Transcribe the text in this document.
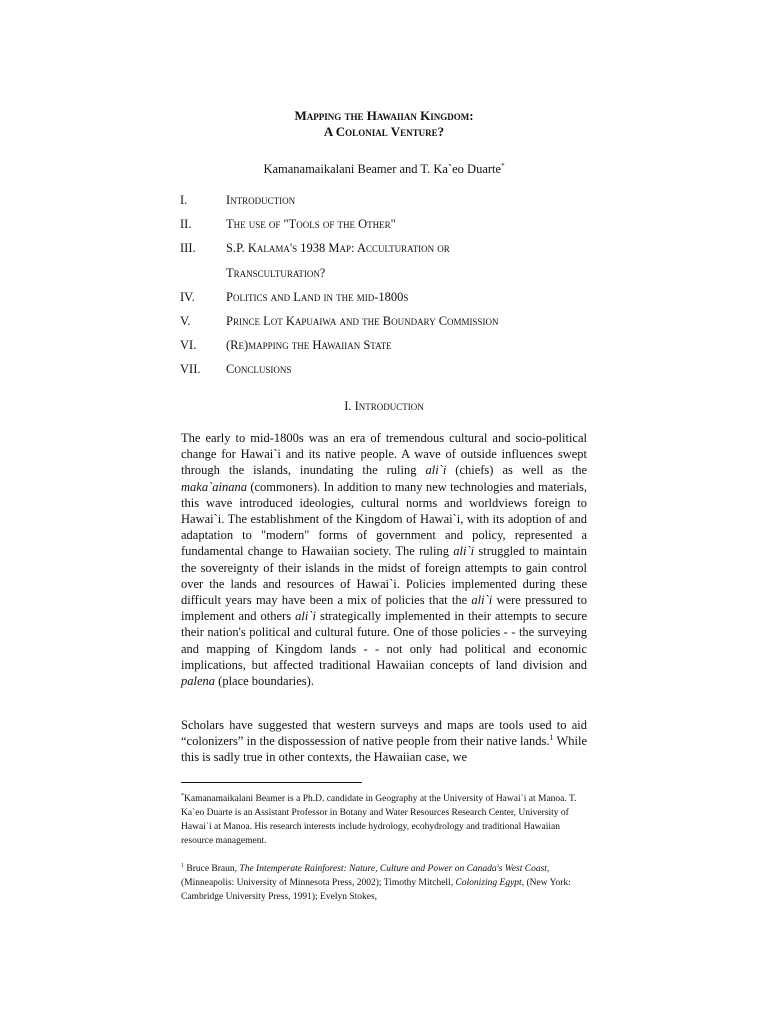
Mapping the Hawaiian Kingdom:
A Colonial Venture?
Kamanamaikalani Beamer and T. Ka`eo Duarte*
I.	Introduction
II.	The use of "Tools of the Other"
III. S.P. Kalama's 1938 Map: Acculturation or
Transculturation?
IV.	Politics and Land in the mid-1800s
V.	Prince Lot Kapuaiwa and the Boundary Commission
VI. (Re)mapping the Hawaiian State
VII. Conclusions
I. Introduction
The early to mid-1800s was an era of tremendous cultural and socio-political change for Hawai`i and its native people. A wave of outside influences swept through the islands, inundating the ruling ali`i (chiefs) as well as the maka`ainana (commoners). In addition to many new technologies and materials, this wave introduced ideologies, cultural norms and worldviews foreign to Hawai`i. The establishment of the Kingdom of Hawai`i, with its adoption of and adaptation to "modern" forms of government and policy, represented a fundamental change to Hawaiian society. The ruling ali`i struggled to maintain the sovereignty of their islands in the midst of foreign attempts to gain control over the lands and resources of Hawai`i. Policies implemented during these difficult years may have been a mix of policies that the ali`i were pressured to implement and others ali`i strategically implemented in their attempts to secure their nation's political and cultural future. One of those policies - - the surveying and mapping of Kingdom lands - - not only had political and economic implications, but affected traditional Hawaiian concepts of land division and palena (place boundaries).
Scholars have suggested that western surveys and maps are tools used to aid “colonizers” in the dispossession of native people from their native lands.$^1$ While this is sadly true in other contexts, the Hawaiian case, we
*Kamanamaikalani Beamer is a Ph.D. candidate in Geography at the University of Hawai`i at Manoa. T. Ka`eo Duarte is an Assistant Professor in Botany and Water Resources Research Center, University of Hawai`i at Manoa. His research interests include hydrology, ecohydrology and traditional Hawaiian resource management.
$^1$ Bruce Braun, The Intemperate Rainforest: Nature, Culture and Power on Canada's West Coast, (Minneapolis: University of Minnesota Press, 2002); Timothy Mitchell, Colonizing Egypt, (New York: Cambridge University Press, 1991); Evelyn Stokes,
